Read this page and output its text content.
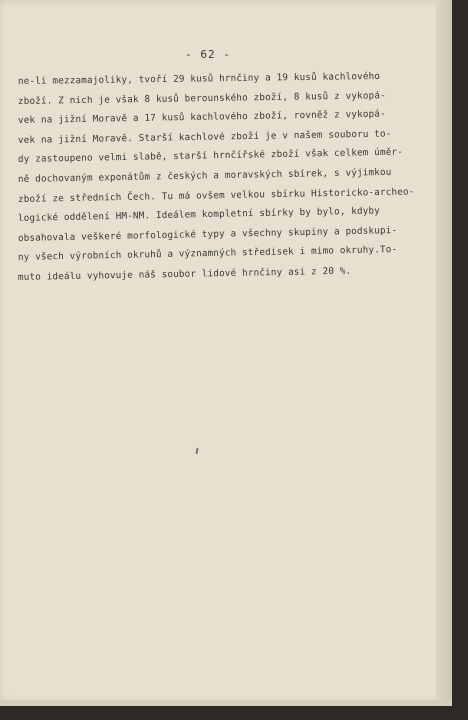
- 62 -
ne-li mezzamajoliky, tvoří 29 kusů hrnčiny a 19 kusů kachlového
zboží. Z nich je však 8 kusů berounského zboží, 8 kusů z vykopá-
vek na jižní Moravě a 17 kusů kachlového zboží, rovněž z vykopá-
vek na jižní Moravě. Starší kachlové zboží je v našem souboru to-
dy zastoupeno velmi slabě, starší hrnčířské zboží však celkem úměr-
ně dochovaným exponátům z českých a moravských sbírek, s výjimkou
zboží ze středních Čech. Tu má ovšem velkou sbírku Historicko-archeo-
logické oddělení HM-NM. Ideálem kompletní sbírky by bylo, kdyby
obsahovala veškeré morfologické typy a všechny skupiny a podskupi-
ny všech výrobních okruhů a významných středisek i mimo okruhy.To-
muto ideálu vyhovuje náš soubor lidové hrnčiny asi z 20 %.
